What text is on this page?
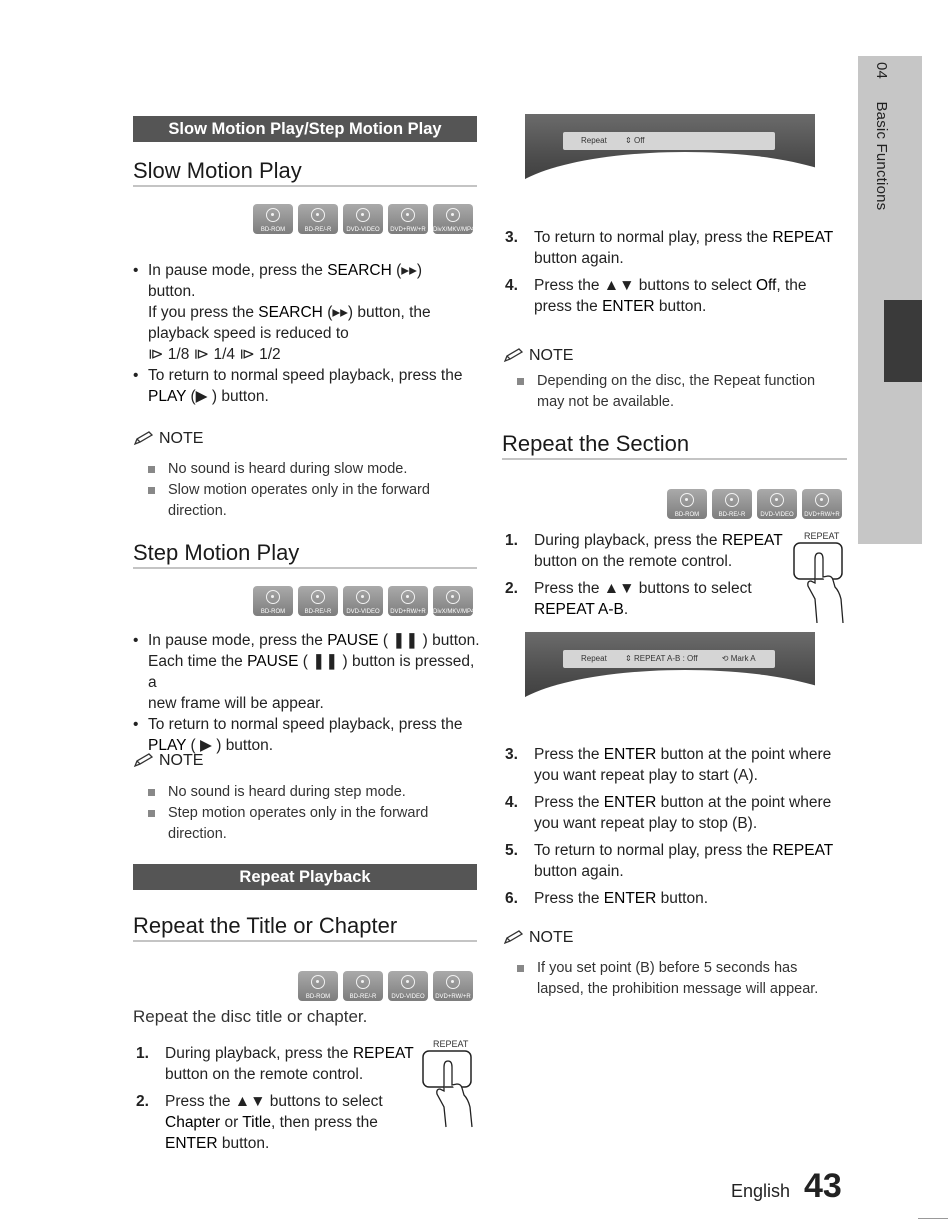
04 Basic Functions
Slow Motion Play/Step Motion Play
Slow Motion Play
BD-ROM	BD-RE/-R	DVD-VIDEO	DVD+RW/+R	DivX/MKV/MP4
• In pause mode, press the SEARCH (▸▸)
button.
If you press the SEARCH (▸▸) button, the
playback speed is reduced to
⧐ 1/8 ⧐ 1/4 ⧐ 1/2
• To return to normal speed playback, press the
PLAY (▶ ) button.
NOTE
No sound is heard during slow mode.
Slow motion operates only in the forward
direction.
Step Motion Play
BD-ROM	BD-RE/-R	DVD-VIDEO	DVD+RW/+R	DivX/MKV/MP4
• In pause mode, press the PAUSE ( ❚❚ ) button.
Each time the PAUSE ( ❚❚ ) button is pressed, a
new frame will be appear.
• To return to normal speed playback, press the
PLAY ( ▶ ) button.
NOTE
No sound is heard during step mode.
Step motion operates only in the forward
direction.
Repeat Playback
Repeat the Title or Chapter
BD-ROM	BD-RE/-R	DVD-VIDEO	DVD+RW/+R
Repeat the disc title or chapter.
1. During playback, press the REPEAT
button on the remote control.
2. Press the ▲▼ buttons to select
Chapter or Title, then press the
ENTER button.
REPEAT
Repeat ⇕ Off
3. To return to normal play, press the REPEAT
button again.
4. Press the ▲▼ buttons to select Off, the
press the ENTER button.
NOTE
Depending on the disc, the Repeat function
may not be available.
Repeat the Section
BD-ROM	BD-RE/-R	DVD-VIDEO	DVD+RW/+R
1. During playback, press the REPEAT
button on the remote control.
2. Press the ▲▼ buttons to select
REPEAT A-B.
REPEAT
Repeat ⇕ REPEAT A-B : Off	⟲ Mark A
3. Press the ENTER button at the point where
you want repeat play to start (A).
4. Press the ENTER button at the point where
you want repeat play to stop (B).
5. To return to normal play, press the REPEAT
button again.
6. Press the ENTER button.
NOTE
If you set point (B) before 5 seconds has
lapsed, the prohibition message will appear.
English 43
